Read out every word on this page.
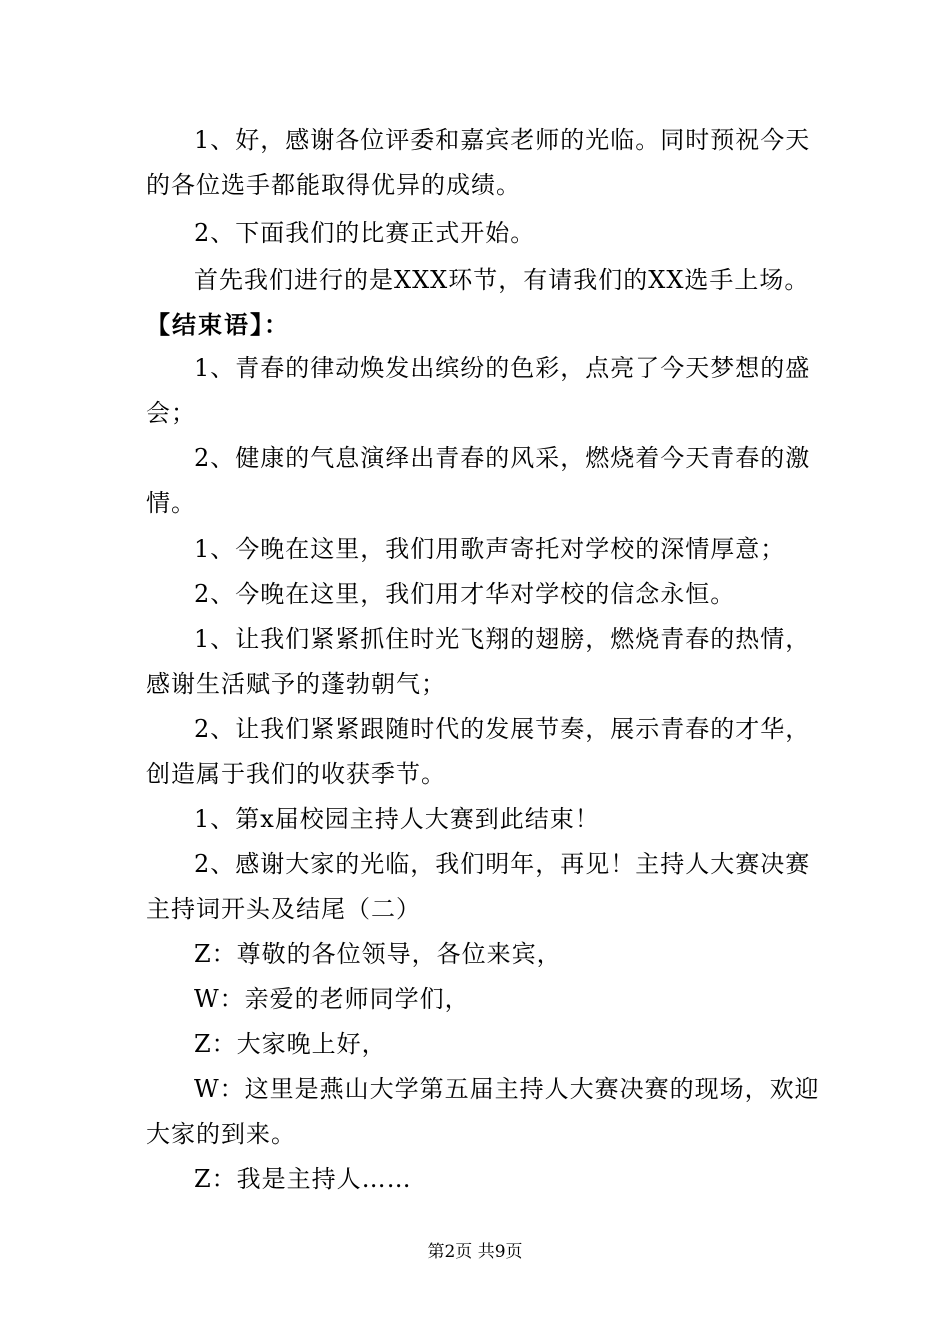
1、好，感谢各位评委和嘉宾老师的光临。同时预祝今天的各位选手都能取得优异的成绩。

2、下面我们的比赛正式开始。

首先我们进行的是XXX环节，有请我们的XX选手上场。

【结束语】：

1、青春的律动焕发出缤纷的色彩，点亮了今天梦想的盛会；

2、健康的气息演绎出青春的风采，燃烧着今天青春的激情。

1、今晚在这里，我们用歌声寄托对学校的深情厚意；

2、今晚在这里，我们用才华对学校的信念永恒。

1、让我们紧紧抓住时光飞翔的翅膀，燃烧青春的热情，感谢生活赋予的蓬勃朝气；

2、让我们紧紧跟随时代的发展节奏，展示青春的才华，创造属于我们的收获季节。

1、第x届校园主持人大赛到此结束！

2、感谢大家的光临，我们明年，再见！主持人大赛决赛主持词开头及结尾（二）

Z：尊敬的各位领导，各位来宾，

W：亲爱的老师同学们，

Z：大家晚上好，

W：这里是燕山大学第五届主持人大赛决赛的现场，欢迎大家的到来。

Z：我是主持人……

第2页 共9页
